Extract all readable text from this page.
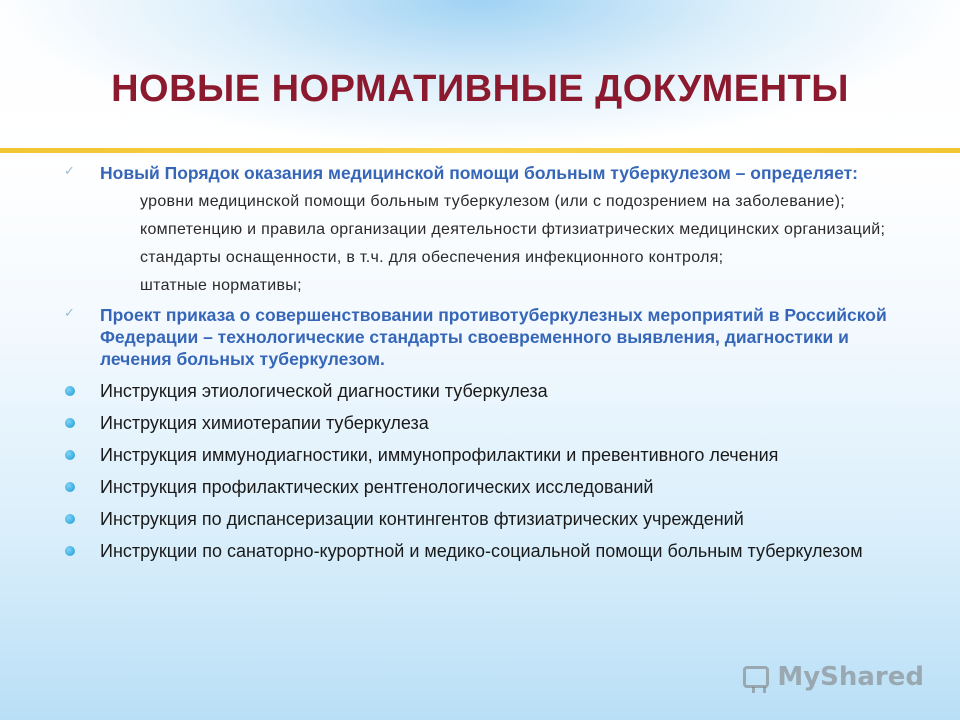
НОВЫЕ НОРМАТИВНЫЕ ДОКУМЕНТЫ
✓ Новый Порядок оказания медицинской помощи больным туберкулезом – определяет:
уровни медицинской помощи больным туберкулезом (или с подозрением на заболевание);
компетенцию и правила организации деятельности фтизиатрических медицинских организаций;
стандарты оснащенности, в т.ч. для обеспечения инфекционного контроля;
штатные нормативы;
✓ Проект приказа о совершенствовании противотуберкулезных мероприятий в Российской Федерации – технологические стандарты своевременного выявления, диагностики и лечения больных туберкулезом.
Инструкция этиологической диагностики туберкулеза
Инструкция химиотерапии туберкулеза
Инструкция иммунодиагностики, иммунопрофилактики и превентивного лечения
Инструкция профилактических рентгенологических исследований
Инструкция по диспансеризации контингентов фтизиатрических учреждений
Инструкции по санаторно-курортной и медико-социальной помощи больным туберкулезом
MyShared
